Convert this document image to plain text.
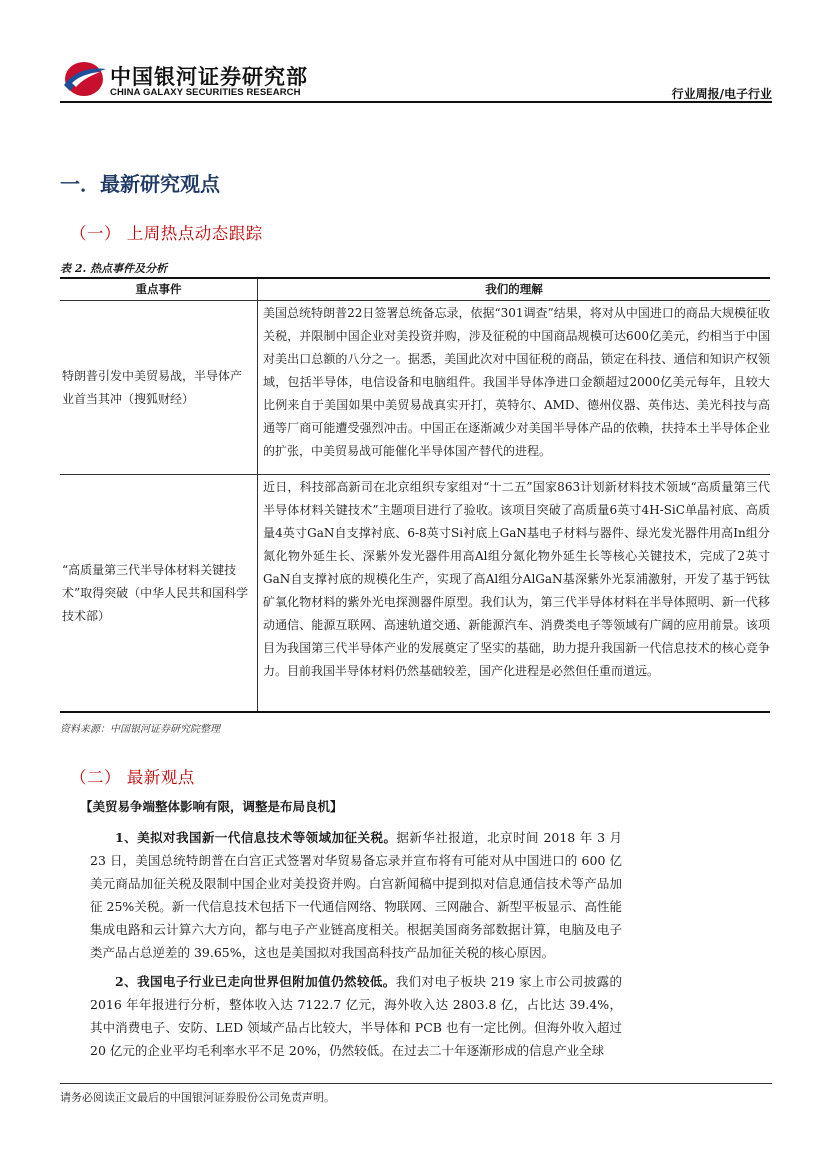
中国银河证券研究部
CHINA GALAXY SECURITIES RESEARCH	行业周报/电子行业
一．最新研究观点
（一） 上周热点动态跟踪
表 2. 热点事件及分析
重点事件	我们的理解
特朗普引发中美贸易战，半导体产业首当其冲（搜狐财经）
美国总统特朗普22日签署总统备忘录，依据“301调查”结果，将对从中国进口的商品大规模征收关税，并限制中国企业对美投资并购，涉及征税的中国商品规模可达600亿美元，约相当于中国对美出口总额的八分之一。据悉，美国此次对中国征税的商品，锁定在科技、通信和知识产权领域，包括半导体，电信设备和电脑组件。我国半导体净进口金额超过2000亿美元每年，且较大比例来自于美国如果中美贸易战真实开打，英特尔、AMD、德州仪器、英伟达、美光科技与高通等厂商可能遭受强烈冲击。中国正在逐渐减少对美国半导体产品的依赖，扶持本土半导体企业的扩张，中美贸易战可能催化半导体国产替代的进程。
“高质量第三代半导体材料关键技术”取得突破（中华人民共和国科学技术部）
近日，科技部高新司在北京组织专家组对“十二五”国家863计划新材料技术领域“高质量第三代半导体材料关键技术”主题项目进行了验收。该项目突破了高质量6英寸4H-SiC单晶衬底、高质量4英寸GaN自支撑衬底、6-8英寸Si衬底上GaN基电子材料与器件、绿光发光器件用高In组分氮化物外延生长、深紫外发光器件用高Al组分氮化物外延生长等核心关键技术，完成了2英寸GaN自支撑衬底的规模化生产，实现了高Al组分AlGaN基深紫外光泵浦激射，开发了基于钙钛矿氧化物材料的紫外光电探测器件原型。我们认为，第三代半导体材料在半导体照明、新一代移动通信、能源互联网、高速轨道交通、新能源汽车、消费类电子等领域有广阔的应用前景。该项目为我国第三代半导体产业的发展奠定了坚实的基础，助力提升我国新一代信息技术的核心竞争力。目前我国半导体材料仍然基础较差，国产化进程是必然但任重而道远。
资料来源：中国银河证券研究院整理
（二） 最新观点
【美贸易争端整体影响有限，调整是布局良机】
  1、美拟对我国新一代信息技术等领域加征关税。据新华社报道，北京时间 2018 年 3 月 23 日，美国总统特朗普在白宫正式签署对华贸易备忘录并宣布将有可能对从中国进口的 600 亿美元商品加征关税及限制中国企业对美投资并购。白宫新闻稿中提到拟对信息通信技术等产品加征 25%关税。新一代信息技术包括下一代通信网络、物联网、三网融合、新型平板显示、高性能集成电路和云计算六大方向，都与电子产业链高度相关。根据美国商务部数据计算，电脑及电子类产品占总逆差的 39.65%，这也是美国拟对我国高科技产品加征关税的核心原因。
  2、我国电子行业已走向世界但附加值仍然较低。我们对电子板块 219 家上市公司披露的 2016 年年报进行分析，整体收入达 7122.7 亿元，海外收入达 2803.8 亿，占比达 39.4%，其中消费电子、安防、LED 领域产品占比较大，半导体和 PCB 也有一定比例。但海外收入超过 20 亿元的企业平均毛利率水平不足 20%，仍然较低。在过去二十年逐渐形成的信息产业全球
请务必阅读正文最后的中国银河证券股份公司免责声明。
